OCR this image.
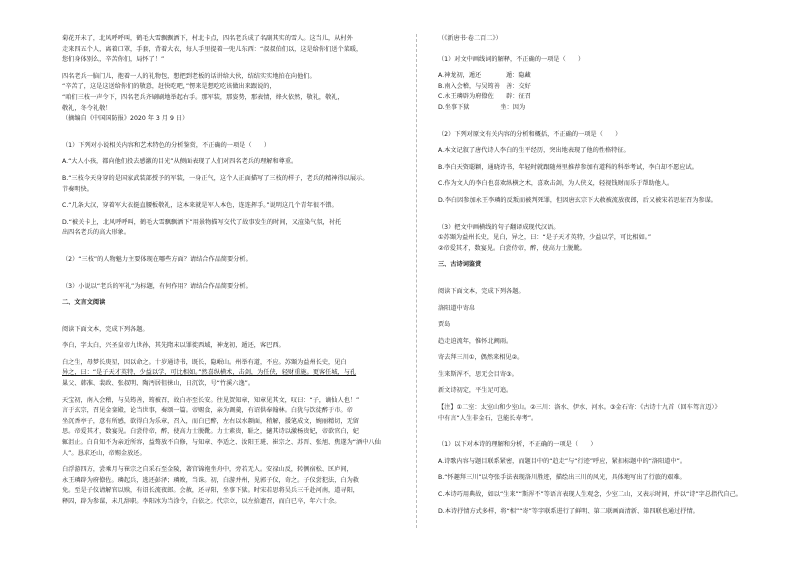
菊花开未了，北风呼呼叫，鹤毛大雪飘飘洒下，村北卡点，四名老兵成了名副其实的雪人。这当儿，从村外
走来四五个人，离着口罩，手套，背着大衣，每人手里提着一兜儿东西：“叔叔伯们以，这是给你们送个菜暖，
您们身体别么，辛苦你们，局怀了！”
四名老兵一脑门儿，抱着一人的礼物包，想把到老板的话讲给大伙，结结实实地拍在向他们。
“辛苦了，这是这送给你们的敬意，赶快吃吧，”愣来是想吃吃该做出来跟说的，
“咱们三枝一声令下，四名老兵齐刷刷地举起右手。那军装，那姿势，那表情，烽火依然，敬礼，敬礼，
敬礼，冬令礼敬！
（摘编自《中国国防报》2020 年 3 月 9 日）
（1）下列对小说相关内容和艺术特色的分析鉴赏，不正确的一项是（　　）
A.“大人小孩，都向他们投去感激的目光”从侧面表现了人们对四名老兵的理解和尊重。
B.“三枝今天身穿的是国家武装部授予的军装，一身正气，这个人正面描写了三枝的样子，老兵的精神得以展示。
节奏明快。
C.“几条大汉，穿着军大衣挺直腰板敬礼，这本来就是军人本色，连连挥手。”说明这几个青年很不错。
D.“被关卡上，北风呼呼叫，鹤毛大雪飘飘洒下”用景物描写交代了故事发生的时间，又渲染气氛，衬托
出四名老兵的高大形象。
（2）“三枝”的人物魅力主要体现在哪些方面？请结合作品简要分析。
（3）小说以“老兵的军礼”为标题，有何作用？请结合作品简要分析。
二、文言文阅读
阅读下面文本，完成下列各题。
李白，字太白，兴圣皇帝九世孙，其先隋末以罪徙西域，神龙初，遁还，客巴西。
白之生，母梦长庚星，因以命之。十岁通诗书，既长，隐岷山。州举有道，不应。苏颋为益州长史，见白
异之，曰：“是子天才英特，少益以学，可比相如。”然喜纵横术，击剑，为任侠，轻财重施。更客任城，与孔
巢父、韩准、裴政、张叔明、陶沔居徂徕山，日沉饮，号“竹溪六逸”。
天宝初，南入会稽，与吴筠善，筠被召，故白亦至长安。往见贺知章，知章见其文，叹曰：“子，谪仙人也！”
言于玄宗，召见金銮殿，论当世事，奏颂一篇。帝赐食，亲为调羹，有诏供奉翰林。白犹与饮徒醉于市。帝
坐沉香亭子，意有所感，欲得白为乐章，召入，而白已醉，左右以水颒面，稍解，援笔成文，婉丽精切，无留
思。帝爱其才，数宴见。白尝侍帝，醉，使高力士脱靴。力士素贵，耻之，擿其诗以激杨贵妃，帝欲官白，妃
辄沮止。白自知不为亲近所容，益骜放不自修，与知章、李适之、汝阳王琎、崔宗之、苏晋、张旭、焦遂为“酒中八仙
人”。恳求还山，帝赐金放还。
白浮游四方，尝乘月与崔宗之自采石至金陵，著宫锦袍坐舟中，旁若无人。安禄山反，转侧宿松、匡庐间，
永王璘辟为府僚佐。璘起兵，逃还彭泽；璘败，当诛。初，白游并州，见郭子仪，奇之。子仪尝犯法，白为救
免。至是子仪请解官以赎，有诏长流夜郎。会赦，还寻阳，坐事下狱。时宋若思将吴兵三千赴河南，道寻阳，
释囚，辟为参谋，未几辞职。李阳冰为当涂令，白依之。代宗立，以左拾遗召，而白已卒，年六十余。
（《新唐书·卷二百二》）
（1）对文中画线词的解释，不正确的一项是（　　）
A.神龙初，遁还　　　　遁：隐藏
B.南入会稽，与吴筠善　善：交好
C.永王璘辟为府僚佐　　辟：征召
D.坐事下狱　　　　　坐：因为
（2）下列对原文有关内容的分析和概括，不正确的一项是（　　）
A.本文记叙了唐代诗人李白的生平经历，突出地表现了他的性格特征。
B.李白天资聪颖，通晓诗书，年轻时就跟随州里推荐参加有道科的科举考试，李白却不愿应试。
C.作为文人的李白也喜欢纵横之术，喜欢击剑，为人侠义，轻视钱财而乐于帮助他人。
D.李白因参加永王李璘的反叛而被判死罪，但因唐玄宗下大赦被流放夜郎，后又被宋若思征召为参谋。
（3）把文中画横线的句子翻译成现代汉语。
①苏颋为益州长史，见白，异之，曰：“是子天才英特，少益以学，可比相如。”
②帝爱其才，数宴见。白尝侍帝，醉，使高力士脱靴。
三、古诗词鉴赏
阅读下面文本，完成下列各题。
洛阳道中寄帛
贾岛
趋走迫流年，惟怀北阙雨。
寄去拜三川①，偶然来相见②。
生来斯浑不，思无会目寄③。
新文诗初定，平生足可追。
【注】①二室：太室山和少室山。②三川：洛水、伊水、河水。③金石寄：《古诗十九首（回车驾言迈）》
中有言“人生非金石，岂能长寿考”。
（1）以下对本诗的理解和分析，不正确的一项是（　　）
A.诗歌内容与题目联系紧密，而题目中的“趋走”与“行迹”呼应，紧扣标题中的“洛阳道中”。
B.“怀趣拜三川”以夸张手法表现洛川胜迹，描绘出三川的风光，具体地写出了行旅的艰难。
C.本诗巧用典故，如以“生来”“斯浑不”等语言表现人生观念，少室二山，又表示时间，并以“诗”字总指代自己。
D.本诗抒情方式多样，将“相”“寄”等字联系进行了鲜明、第二联画面清新、第四联也通过抒情。
